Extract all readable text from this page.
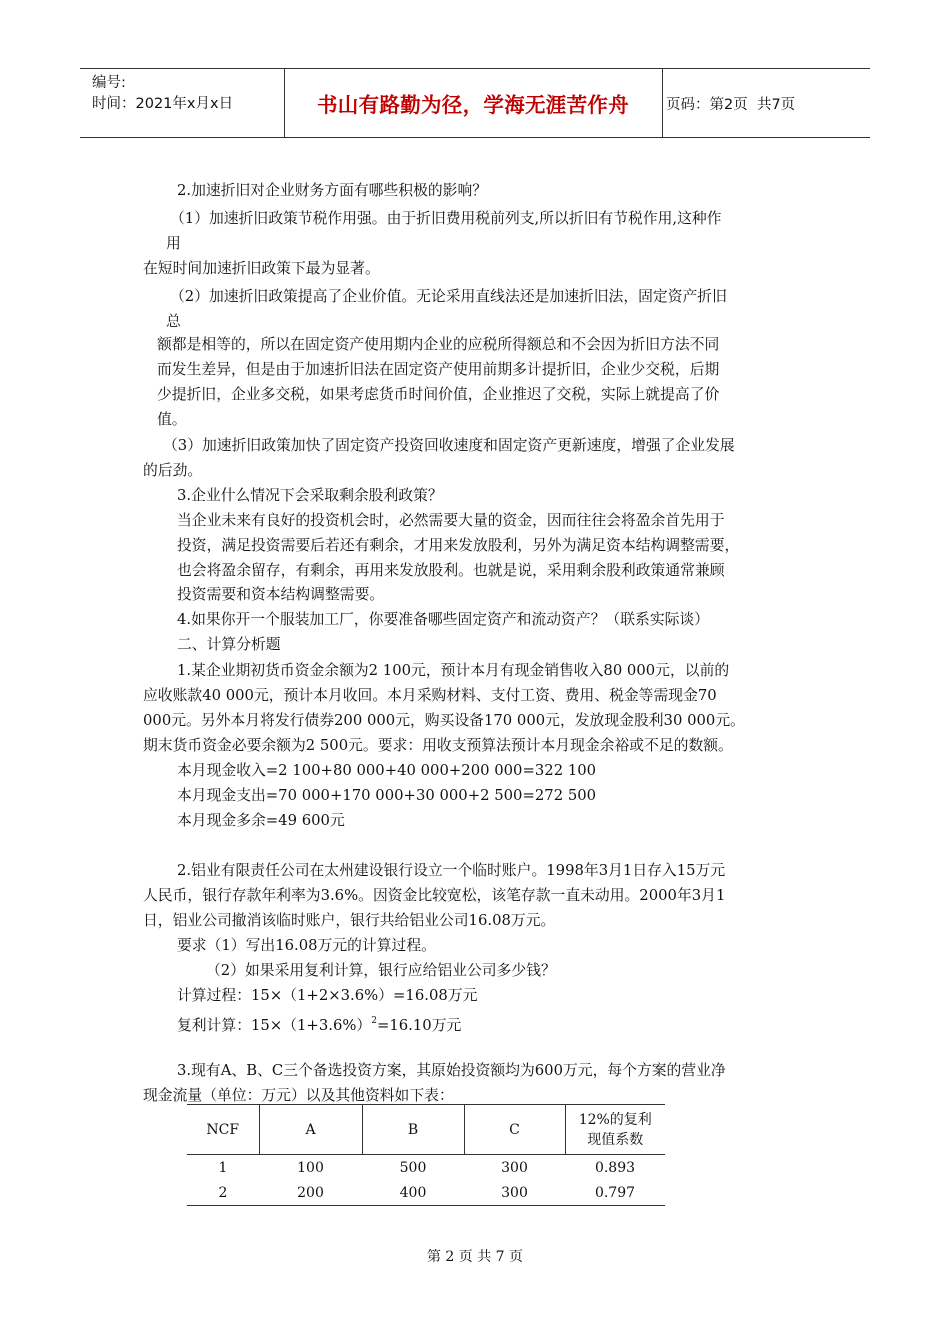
编号:
时间：2021年x月x日	书山有路勤为径，学海无涯苦作舟	页码：第2页  共7页
2.加速折旧对企业财务方面有哪些积极的影响？
（1）加速折旧政策节税作用强。由于折旧费用税前列支,所以折旧有节税作用,这种作
用
在短时间加速折旧政策下最为显著。
（2）加速折旧政策提高了企业价值。无论采用直线法还是加速折旧法，固定资产折旧
总
额都是相等的，所以在固定资产使用期内企业的应税所得额总和不会因为折旧方法不同
而发生差异，但是由于加速折旧法在固定资产使用前期多计提折旧，企业少交税，后期
少提折旧，企业多交税，如果考虑货币时间价值，企业推迟了交税，实际上就提高了价
值。
（3）加速折旧政策加快了固定资产投资回收速度和固定资产更新速度，增强了企业发展
的后劲。
3.企业什么情况下会采取剩余股利政策？
当企业未来有良好的投资机会时，必然需要大量的资金，因而往往会将盈余首先用于
投资，满足投资需要后若还有剩余，才用来发放股利，另外为满足资本结构调整需要，
也会将盈余留存，有剩余，再用来发放股利。也就是说，采用剩余股利政策通常兼顾
投资需要和资本结构调整需要。
4.如果你开一个服装加工厂，你要准备哪些固定资产和流动资产？（联系实际谈）
二、计算分析题
1.某企业期初货币资金余额为2 100元，预计本月有现金销售收入80 000元，以前的
应收账款40 000元，预计本月收回。本月采购材料、支付工资、费用、税金等需现金70
000元。另外本月将发行债券200 000元，购买设备170 000元，发放现金股利30 000元。
期末货币资金必要余额为2 500元。要求：用收支预算法预计本月现金余裕或不足的数额。
本月现金收入=2 100+80 000+40 000+200 000=322 100
本月现金支出=70 000+170 000+30 000+2 500=272 500
本月现金多余=49 600元
2.铝业有限责任公司在太州建设银行设立一个临时账户。1998年3月1日存入15万元
人民币，银行存款年利率为3.6%。因资金比较宽松，该笔存款一直未动用。2000年3月1
日，铝业公司撤消该临时账户，银行共给铝业公司16.08万元。
要求（1）写出16.08万元的计算过程。
（2）如果采用复利计算，银行应给铝业公司多少钱？
计算过程：15×（1+2×3.6%）=16.08万元
复利计算：$15\times(1+3.6\%)^2=16.10$万元
3.现有A、B、C三个备选投资方案，其原始投资额均为600万元，每个方案的营业净
现金流量（单位：万元）以及其他资料如下表：
NCF	A	B	C	12%的复利
现值系数

1	100	500	300	0.893
2	200	400	300	0.797
第 2 页 共 7 页
